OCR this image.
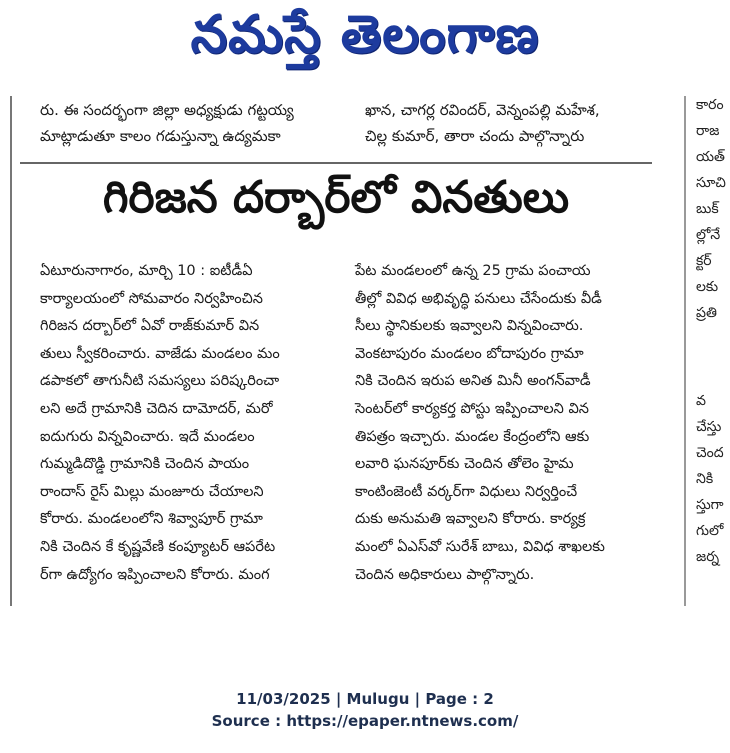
నమస్తే తెలంగాణ
రు. ఈ సందర్భంగా జిల్లా అధ్యక్షుడు గట్టయ్య
మాట్లాడుతూ కాలం గడుస్తున్నా ఉద్యమకా
ఖాన, చాగర్ల రవిందర్, వెన్నంపల్లి మహేశ,
చిల్ల కుమార్, తారా చందు పాల్గొన్నారు
గిరిజన దర్బార్‌లో వినతులు
ఏటూరునాగారం, మార్చి 10 : ఐటీడీఏ
కార్యాలయంలో సోమవారం నిర్వహించిన
గిరిజన దర్బార్‌లో ఏవో రాజ్‌కుమార్ విన
తులు స్వీకరించారు. వాజేడు మండలం మం
డపాకలో తాగునీటి సమస్యలు పరిష్కరించా
లని అదే గ్రామానికి చెదిన దామోదర్, మరో
ఐదుగురు విన్నవించారు. ఇదే మండలం
గుమ్మడిదొడ్డి గ్రామానికి చెందిన పాయం
రాందాస్ రైస్ మిల్లు మంజూరు చేయాలని
కోరారు. మండలంలోని శివ్వాపూర్ గ్రామా
నికి చెందిన కే కృష్ణవేణి కంప్యూటర్ ఆపరేట
ర్‌గా ఉద్యోగం ఇప్పించాలని కోరారు. మంగ
పేట మండలంలో ఉన్న 25 గ్రామ పంచాయ
తీల్లో వివిధ అభివృద్ధి పనులు చేసేందుకు వీడీ
సీలు స్థానికులకు ఇవ్వాలని విన్నవించారు.
వెంకటాపురం మండలం బోదాపురం గ్రామా
నికి చెందిన ఇరుప అనిత మినీ అంగన్‌వాడీ
సెంటర్‌లో కార్యకర్త పోస్టు ఇప్పించాలని విన
తిపత్రం ఇచ్చారు. మండల కేంద్రంలోని ఆకు
లవారి ఘనపూర్‌కు చెందిన తోలెం హైమ
కాంటింజెంటీ వర్కర్‌గా విధులు నిర్వర్తించే
దుకు అనుమతి ఇవ్వాలని కోరారు. కార్యక్ర
మంలో ఏఎస్‌వో సురేశ్ బాబు, వివిధ శాఖలకు
చెందిన అధికారులు పాల్గొన్నారు.
కారం
రాజ
యత్
సూచి
బుక్
ల్లోనే
క్టర్
లకు
ప్రతి
వ
చేస్తు
చెంద
నికి
స్తుగా
గులో
జర్న
11/03/2025 | Mulugu | Page : 2
Source : https://epaper.ntnews.com/
